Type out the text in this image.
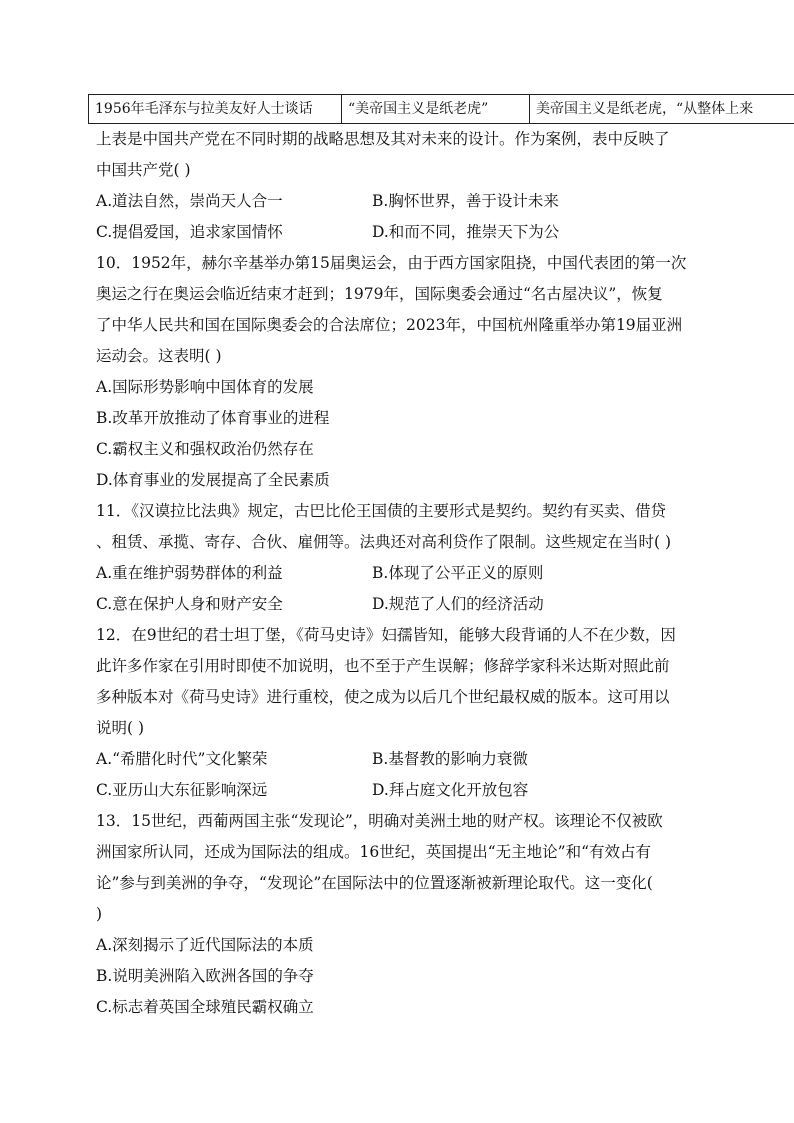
1956年毛泽东与拉美友好人士谈话	“美帝国主义是纸老虎”	美帝国主义是纸老虎，“从整体上来
上表是中国共产党在不同时期的战略思想及其对未来的设计。作为案例，表中反映了
中国共产党( )
A.道法自然，崇尚天人合一	B.胸怀世界，善于设计未来
C.提倡爱国，追求家国情怀	D.和而不同，推崇天下为公
10．1952年，赫尔辛基举办第15届奥运会，由于西方国家阻挠，中国代表团的第一次
奥运之行在奥运会临近结束才赶到；1979年，国际奥委会通过“名古屋决议”，恢复
了中华人民共和国在国际奥委会的合法席位；2023年，中国杭州隆重举办第19届亚洲
运动会。这表明( )
A.国际形势影响中国体育的发展
B.改革开放推动了体育事业的进程
C.霸权主义和强权政治仍然存在
D.体育事业的发展提高了全民素质
11．《汉谟拉比法典》规定，古巴比伦王国债的主要形式是契约。契约有买卖、借贷
、租赁、承揽、寄存、合伙、雇佣等。法典还对高利贷作了限制。这些规定在当时( )
A.重在维护弱势群体的利益	B.体现了公平正义的原则
C.意在保护人身和财产安全	D.规范了人们的经济活动
12．在9世纪的君士坦丁堡，《荷马史诗》妇孺皆知，能够大段背诵的人不在少数，因
此许多作家在引用时即使不加说明，也不至于产生误解；修辞学家科米达斯对照此前
多种版本对《荷马史诗》进行重校，使之成为以后几个世纪最权威的版本。这可用以
说明( )
A.“希腊化时代”文化繁荣	B.基督教的影响力衰微
C.亚历山大东征影响深远	D.拜占庭文化开放包容
13．15世纪，西葡两国主张“发现论”，明确对美洲土地的财产权。该理论不仅被欧
洲国家所认同，还成为国际法的组成。16世纪，英国提出“无主地论”和“有效占有
论”参与到美洲的争夺，“发现论”在国际法中的位置逐渐被新理论取代。这一变化(
)
A.深刻揭示了近代国际法的本质
B.说明美洲陷入欧洲各国的争夺
C.标志着英国全球殖民霸权确立
